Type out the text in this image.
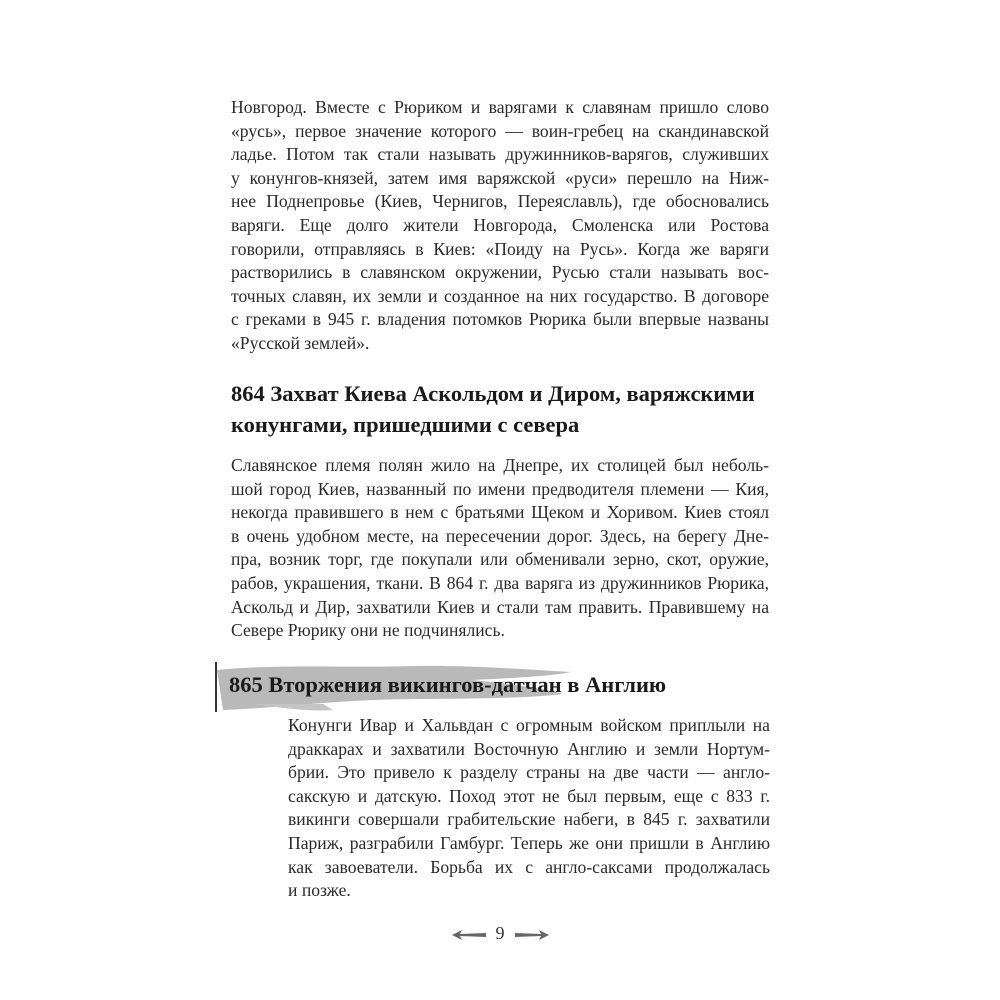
Новгород. Вместе с Рюриком и варягами к славянам пришло слово
«русь», первое значение которого — воин-гребец на скандинавской
ладье. Потом так стали называть дружинников-варягов, служивших
у конунгов-князей, затем имя варяжской «руси» перешло на Ниж-
нее Поднепровье (Киев, Чернигов, Переяславль), где обосновались
варяги. Еще долго жители Новгорода, Смоленска или Ростова
говорили, отправляясь в Киев: «Поиду на Русь». Когда же варяги
растворились в славянском окружении, Русью стали называть вос-
точных славян, их земли и созданное на них государство. В договоре
с греками в 945 г. владения потомков Рюрика были впервые названы
«Русской землей».
864 Захват Киева Аскольдом и Диром, варяжскими
конунгами, пришедшими с севера
Славянское племя полян жило на Днепре, их столицей был неболь-
шой город Киев, названный по имени предводителя племени — Кия,
некогда правившего в нем с братьями Щеком и Хоривом. Киев стоял
в очень удобном месте, на пересечении дорог. Здесь, на берегу Дне-
пра, возник торг, где покупали или обменивали зерно, скот, оружие,
рабов, украшения, ткани. В 864 г. два варяга из дружинников Рюрика,
Аскольд и Дир, захватили Киев и стали там править. Правившему на
Севере Рюрику они не подчинялись.
865 Вторжения викингов-датчан в Англию
Конунги Ивар и Хальвдан с огромным войском приплыли на
драккарах и захватили Восточную Англию и земли Нортум-
брии. Это привело к разделу страны на две части — англо-
сакскую и датскую. Поход этот не был первым, еще с 833 г.
викинги совершали грабительские набеги, в 845 г. захватили
Париж, разграбили Гамбург. Теперь же они пришли в Англию
как завоеватели. Борьба их с англо-саксами продолжалась
и позже.
9
